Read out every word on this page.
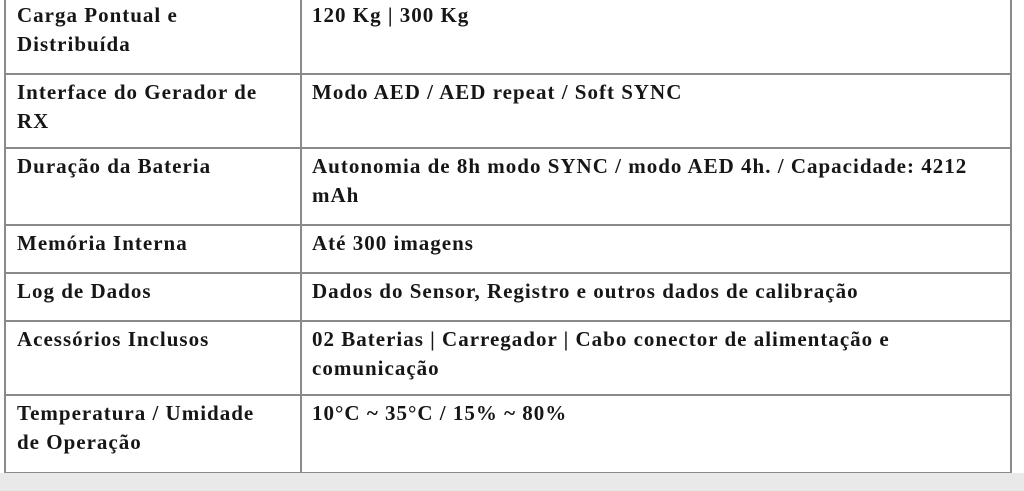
Carga Pontual e Distribuída	120 Kg | 300 Kg
Interface do Gerador de RX	Modo AED / AED repeat / Soft SYNC
Duração da Bateria	Autonomia de 8h modo SYNC / modo AED 4h. / Capacidade: 4212 mAh
Memória Interna	Até 300 imagens
Log de Dados	Dados do Sensor, Registro e outros dados de calibração
Acessórios Inclusos	02 Baterias | Carregador | Cabo conector de alimentação e comunicação
Temperatura / Umidade de Operação	10°C ~ 35°C / 15% ~ 80%
